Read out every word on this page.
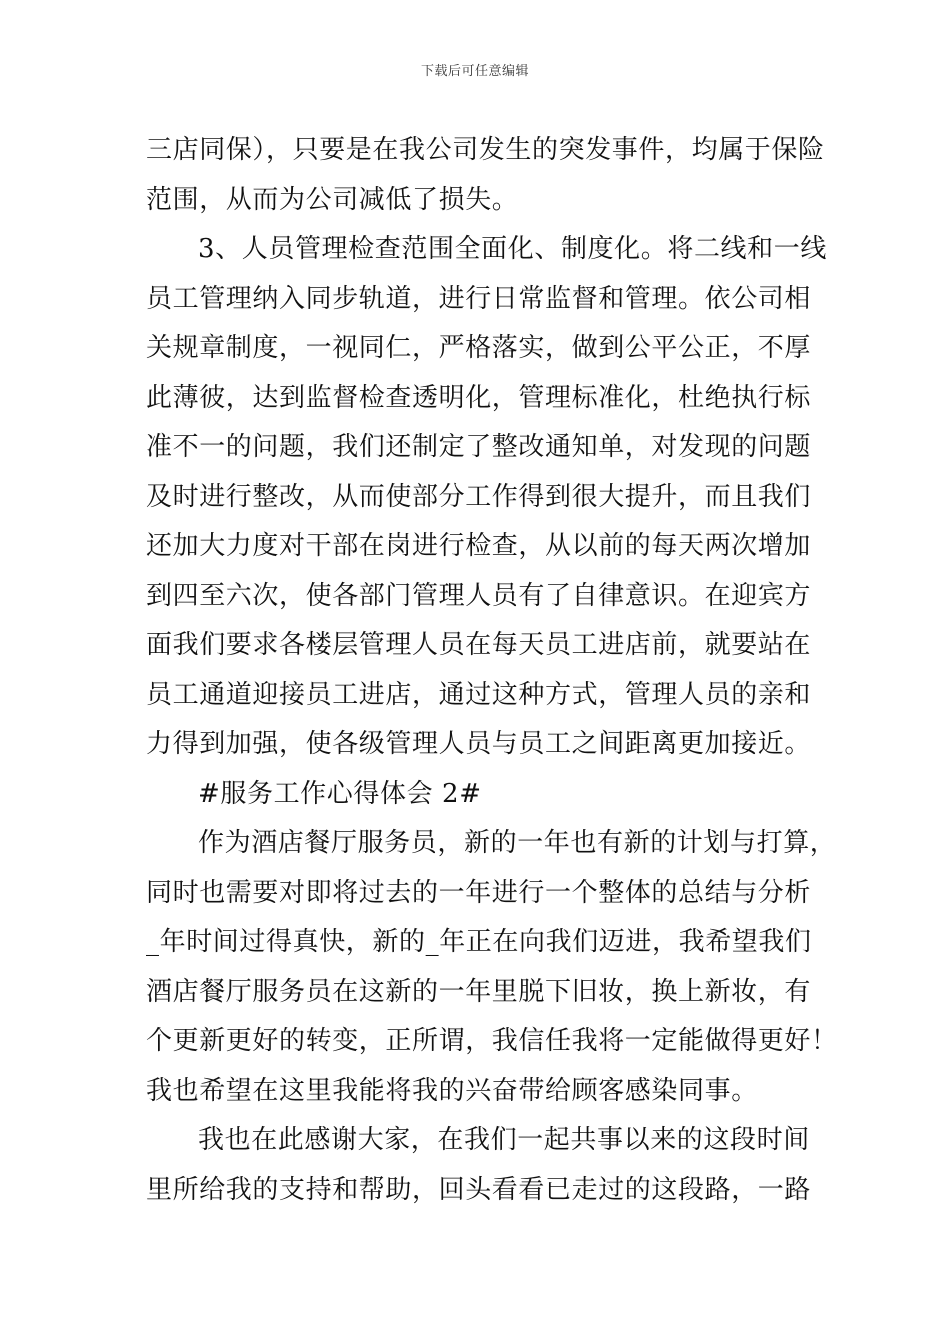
下载后可任意编辑
三店同保），只要是在我公司发生的突发事件，均属于保险
范围，从而为公司减低了损失。
3、人员管理检查范围全面化、制度化。将二线和一线
员工管理纳入同步轨道，进行日常监督和管理。依公司相
关规章制度，一视同仁，严格落实，做到公平公正，不厚
此薄彼，达到监督检查透明化，管理标准化，杜绝执行标
准不一的问题，我们还制定了整改通知单，对发现的问题
及时进行整改，从而使部分工作得到很大提升，而且我们
还加大力度对干部在岗进行检查，从以前的每天两次增加
到四至六次，使各部门管理人员有了自律意识。在迎宾方
面我们要求各楼层管理人员在每天员工进店前，就要站在
员工通道迎接员工进店，通过这种方式，管理人员的亲和
力得到加强，使各级管理人员与员工之间距离更加接近。
#服务工作心得体会 2#
作为酒店餐厅服务员，新的一年也有新的计划与打算，
同时也需要对即将过去的一年进行一个整体的总结与分析
_年时间过得真快，新的_年正在向我们迈进，我希望我们
酒店餐厅服务员在这新的一年里脱下旧妆，换上新妆，有
个更新更好的转变，正所谓，我信任我将一定能做得更好！
我也希望在这里我能将我的兴奋带给顾客感染同事。
我也在此感谢大家，在我们一起共事以来的这段时间
里所给我的支持和帮助，回头看看已走过的这段路，一路
